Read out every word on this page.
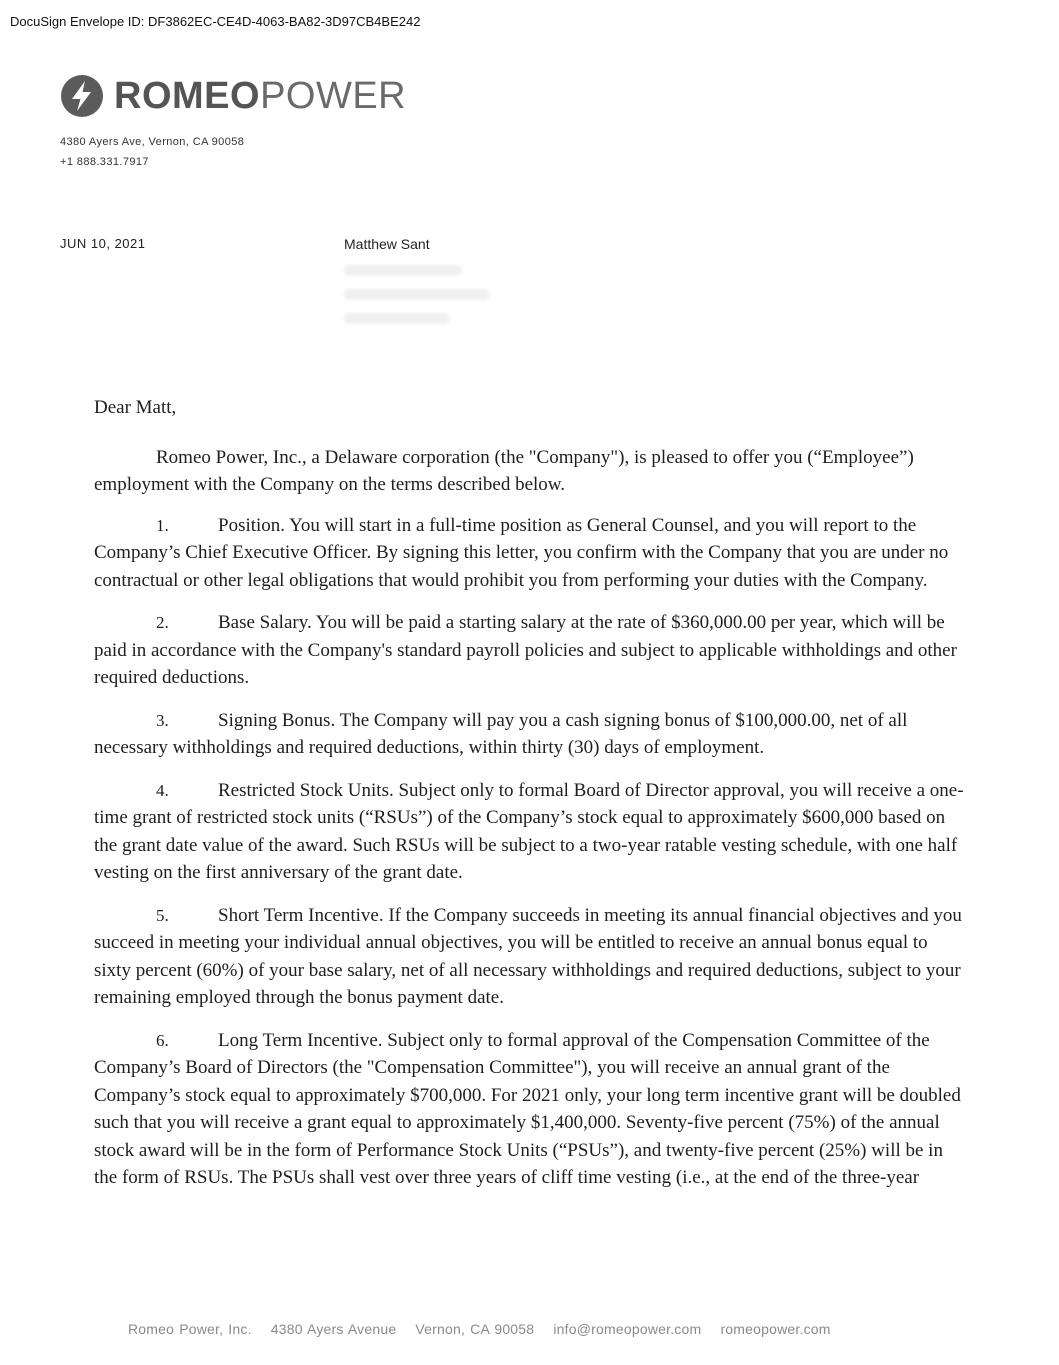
DocuSign Envelope ID: DF3862EC-CE4D-4063-BA82-3D97CB4BE242
ROMEOPOWER
4380 Ayers Ave, Vernon, CA 90058
+1 888.331.7917
JUN 10, 2021	Matthew Sant

Dear Matt,

Romeo Power, Inc., a Delaware corporation (the "Company"), is pleased to offer you (“Employee”) employment with the Company on the terms described below.

1.	Position. You will start in a full-time position as General Counsel, and you will report to the Company’s Chief Executive Officer. By signing this letter, you confirm with the Company that you are under no contractual or other legal obligations that would prohibit you from performing your duties with the Company.

2.	Base Salary. You will be paid a starting salary at the rate of $360,000.00 per year, which will be paid in accordance with the Company's standard payroll policies and subject to applicable withholdings and other required deductions.

3.	Signing Bonus. The Company will pay you a cash signing bonus of $100,000.00, net of all necessary withholdings and required deductions, within thirty (30) days of employment.

4.	Restricted Stock Units. Subject only to formal Board of Director approval, you will receive a one-time grant of restricted stock units (“RSUs”) of the Company’s stock equal to approximately $600,000 based on the grant date value of the award. Such RSUs will be subject to a two-year ratable vesting schedule, with one half vesting on the first anniversary of the grant date.

5.	Short Term Incentive. If the Company succeeds in meeting its annual financial objectives and you succeed in meeting your individual annual objectives, you will be entitled to receive an annual bonus equal to sixty percent (60%) of your base salary, net of all necessary withholdings and required deductions, subject to your remaining employed through the bonus payment date.

6.	Long Term Incentive. Subject only to formal approval of the Compensation Committee of the Company’s Board of Directors (the "Compensation Committee"), you will receive an annual grant of the Company’s stock equal to approximately $700,000. For 2021 only, your long term incentive grant will be doubled such that you will receive a grant equal to approximately $1,400,000. Seventy-five percent (75%) of the annual stock award will be in the form of Performance Stock Units (“PSUs”), and twenty-five percent (25%) will be in the form of RSUs. The PSUs shall vest over three years of cliff time vesting (i.e., at the end of the three-year

Romeo Power, Inc. 4380 Ayers Avenue Vernon, CA 90058 info@romeopower.com romeopower.com
